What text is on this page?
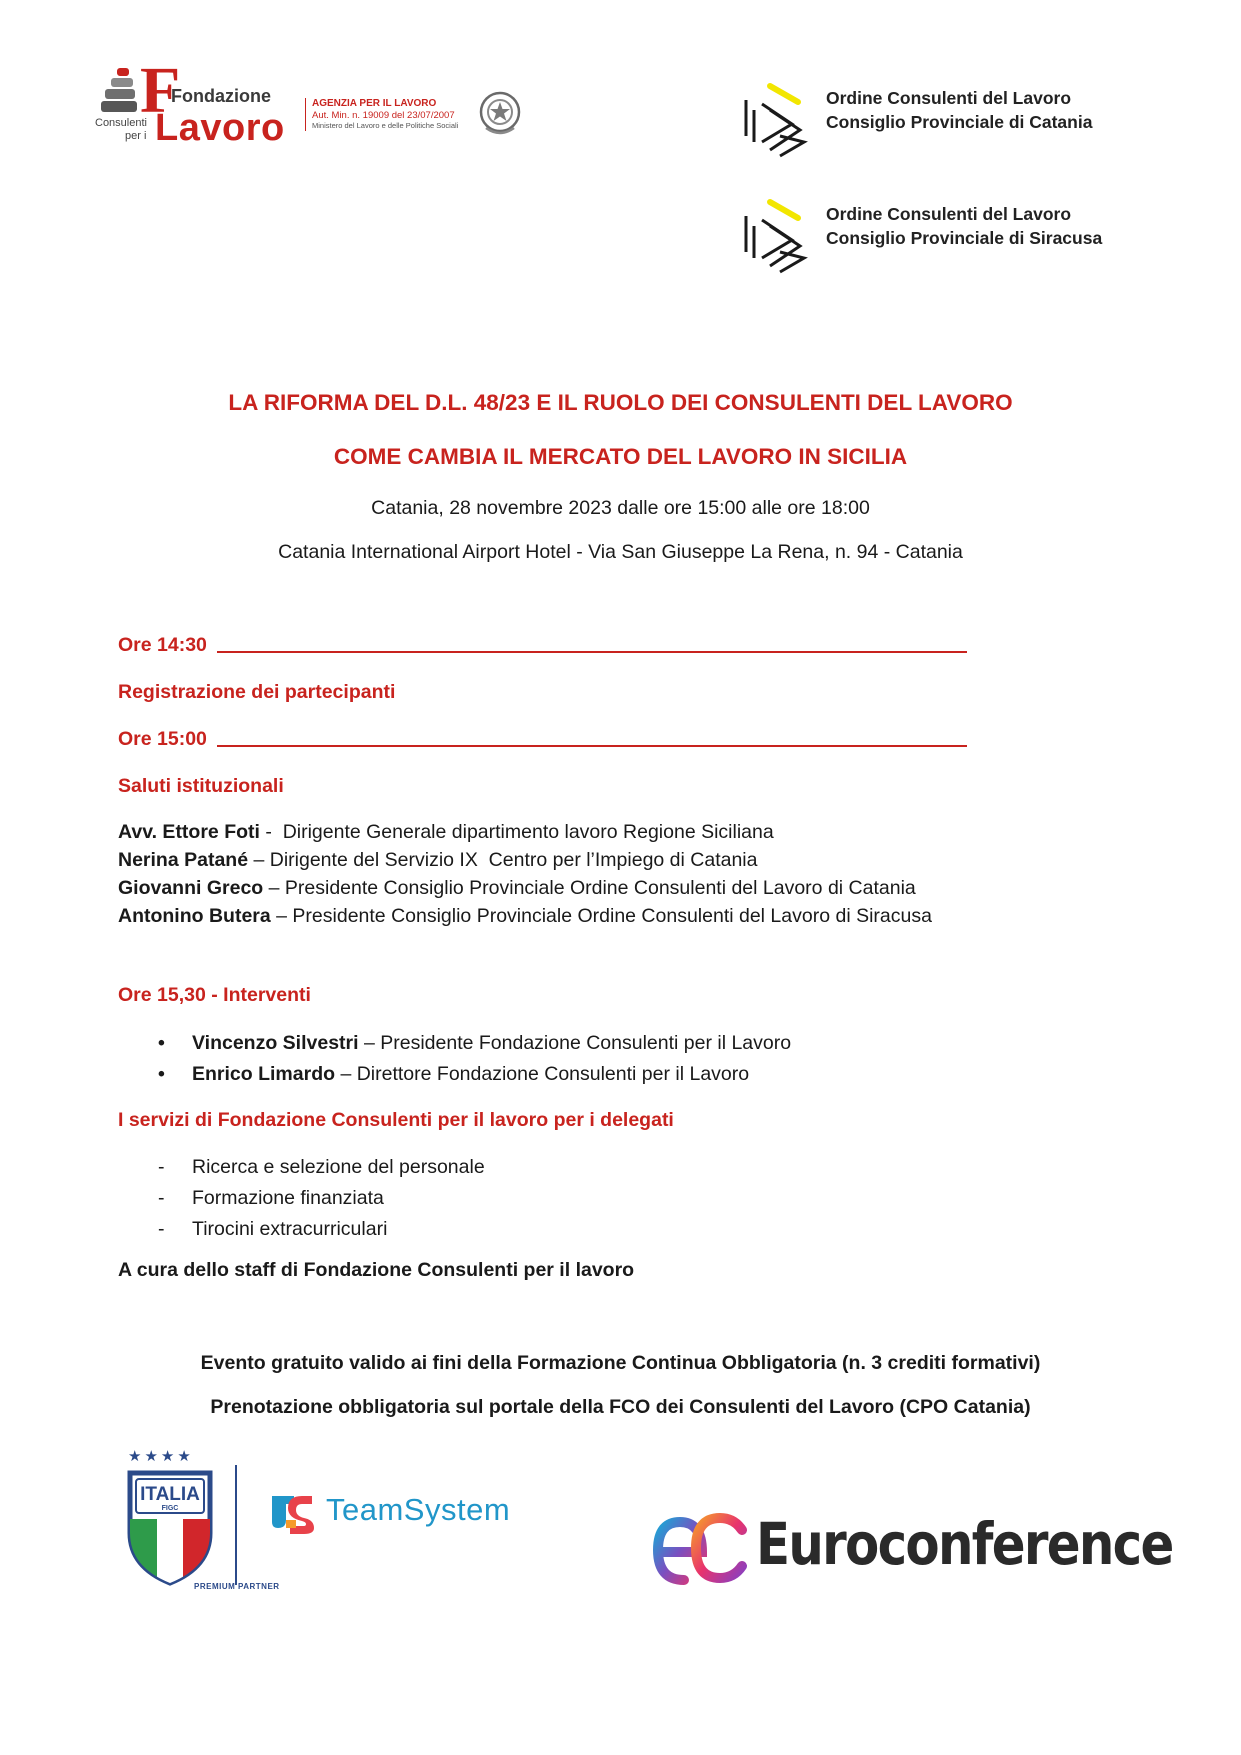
F
Fondazione
Lavoro
Consulenti
per i
AGENZIA PER IL LAVORO
Aut. Min. n. 19009 del 23/07/2007
Ministero del Lavoro e delle Politiche Sociali
Ordine Consulenti del Lavoro
Consiglio Provinciale di Catania
Ordine Consulenti del Lavoro
Consiglio Provinciale di Siracusa
LA RIFORMA DEL D.L. 48/23 E IL RUOLO DEI CONSULENTI DEL LAVORO
COME CAMBIA IL MERCATO DEL LAVORO IN SICILIA
Catania, 28 novembre 2023 dalle ore 15:00 alle ore 18:00
Catania International Airport Hotel - Via San Giuseppe La Rena, n. 94 - Catania
Ore 14:30
Registrazione dei partecipanti
Ore 15:00
Saluti istituzionali
Avv. Ettore Foti -  Dirigente Generale dipartimento lavoro Regione Siciliana
Nerina Patané – Dirigente del Servizio IX  Centro per l’Impiego di Catania
Giovanni Greco – Presidente Consiglio Provinciale Ordine Consulenti del Lavoro di Catania
Antonino Butera – Presidente Consiglio Provinciale Ordine Consulenti del Lavoro di Siracusa
Ore 15,30 - Interventi
•	Vincenzo Silvestri – Presidente Fondazione Consulenti per il Lavoro
•	Enrico Limardo – Direttore Fondazione Consulenti per il Lavoro
I servizi di Fondazione Consulenti per il lavoro per i delegati
-	Ricerca e selezione del personale
-	Formazione finanziata
-	Tirocini extracurriculari
A cura dello staff di Fondazione Consulenti per il lavoro
Evento gratuito valido ai fini della Formazione Continua Obbligatoria (n. 3 crediti formativi)
Prenotazione obbligatoria sul portale della FCO dei Consulenti del Lavoro (CPO Catania)
★★★★
ITALIA
FIGC	TeamSystem
PREMIUM PARTNER
Euroconference
